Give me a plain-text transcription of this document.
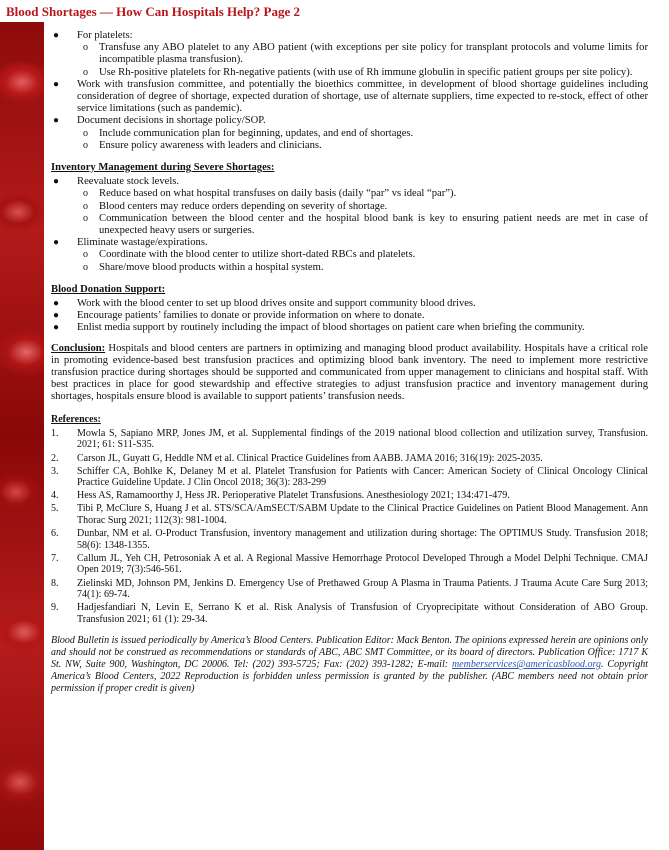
Blood Shortages — How Can Hospitals Help? Page 2
● For platelets:
o Transfuse any ABO platelet to any ABO patient (with exceptions per site policy for transplant protocols and volume limits for incompatible plasma transfusion).
o Use Rh-positive platelets for Rh-negative patients (with use of Rh immune globulin in specific patient groups per site policy).
● Work with transfusion committee, and potentially the bioethics committee, in development of blood shortage guidelines including consideration of degree of shortage, expected duration of shortage, use of alternate suppliers, time expected to re-stock, effect of other service limitations (such as pandemic).
● Document decisions in shortage policy/SOP.
o Include communication plan for beginning, updates, and end of shortages.
o Ensure policy awareness with leaders and clinicians.
Inventory Management during Severe Shortages:
● Reevaluate stock levels.
o Reduce based on what hospital transfuses on daily basis (daily “par” vs ideal “par”).
o Blood centers may reduce orders depending on severity of shortage.
o Communication between the blood center and the hospital blood bank is key to ensuring patient needs are met in case of unexpected heavy users or surgeries.
● Eliminate wastage/expirations.
o Coordinate with the blood center to utilize short-dated RBCs and platelets.
o Share/move blood products within a hospital system.
Blood Donation Support:
● Work with the blood center to set up blood drives onsite and support community blood drives.
● Encourage patients’ families to donate or provide information on where to donate.
● Enlist media support by routinely including the impact of blood shortages on patient care when briefing the community.
Conclusion: Hospitals and blood centers are partners in optimizing and managing blood product availability. Hospitals have a critical role in promoting evidence-based best transfusion practices and optimizing blood bank inventory. The need to implement more restrictive transfusion practice during shortages should be supported and communicated from upper management to clinicians and hospital staff. With best practices in place for good stewardship and effective strategies to adjust transfusion practice and inventory management during shortages, hospitals ensure blood is available to support patients’ transfusion needs.
References:
1. Mowla S, Sapiano MRP, Jones JM, et al. Supplemental findings of the 2019 national blood collection and utilization survey, Transfusion. 2021; 61: S11-S35.
2. Carson JL, Guyatt G, Heddle NM et al. Clinical Practice Guidelines from AABB. JAMA 2016; 316(19): 2025-2035.
3. Schiffer CA, Bohlke K, Delaney M et al. Platelet Transfusion for Patients with Cancer: American Society of Clinical Oncology Clinical Practice Guideline Update. J Clin Oncol 2018; 36(3): 283-299
4. Hess AS, Ramamoorthy J, Hess JR. Perioperative Platelet Transfusions. Anesthesiology 2021; 134:471-479.
5. Tibi P, McClure S, Huang J et al. STS/SCA/AmSECT/SABM Update to the Clinical Practice Guidelines on Patient Blood Management. Ann Thorac Surg 2021; 112(3): 981-1004.
6. Dunbar, NM et al. O-Product Transfusion, inventory management and utilization during shortage: The OPTIMUS Study. Transfusion 2018; 58(6): 1348-1355.
7. Callum JL, Yeh CH, Petrosoniak A et al. A Regional Massive Hemorrhage Protocol Developed Through a Model Delphi Technique. CMAJ Open 2019; 7(3):546-561.
8. Zielinski MD, Johnson PM, Jenkins D. Emergency Use of Prethawed Group A Plasma in Trauma Patients. J Trauma Acute Care Surg 2013; 74(1): 69-74.
9. Hadjesfandiari N, Levin E, Serrano K et al. Risk Analysis of Transfusion of Cryoprecipitate without Consideration of ABO Group. Transfusion 2021; 61 (1): 29-34.
Blood Bulletin is issued periodically by America’s Blood Centers. Publication Editor: Mack Benton. The opinions expressed herein are opinions only and should not be construed as recommendations or standards of ABC, ABC SMT Committee, or its board of directors. Publication Office: 1717 K St. NW, Suite 900, Washington, DC 20006. Tel: (202) 393-5725; Fax: (202) 393-1282; E-mail: memberservices@americasblood.org. Copyright America’s Blood Centers, 2022 Reproduction is forbidden unless permission is granted by the publisher. (ABC members need not obtain prior permission if proper credit is given)
